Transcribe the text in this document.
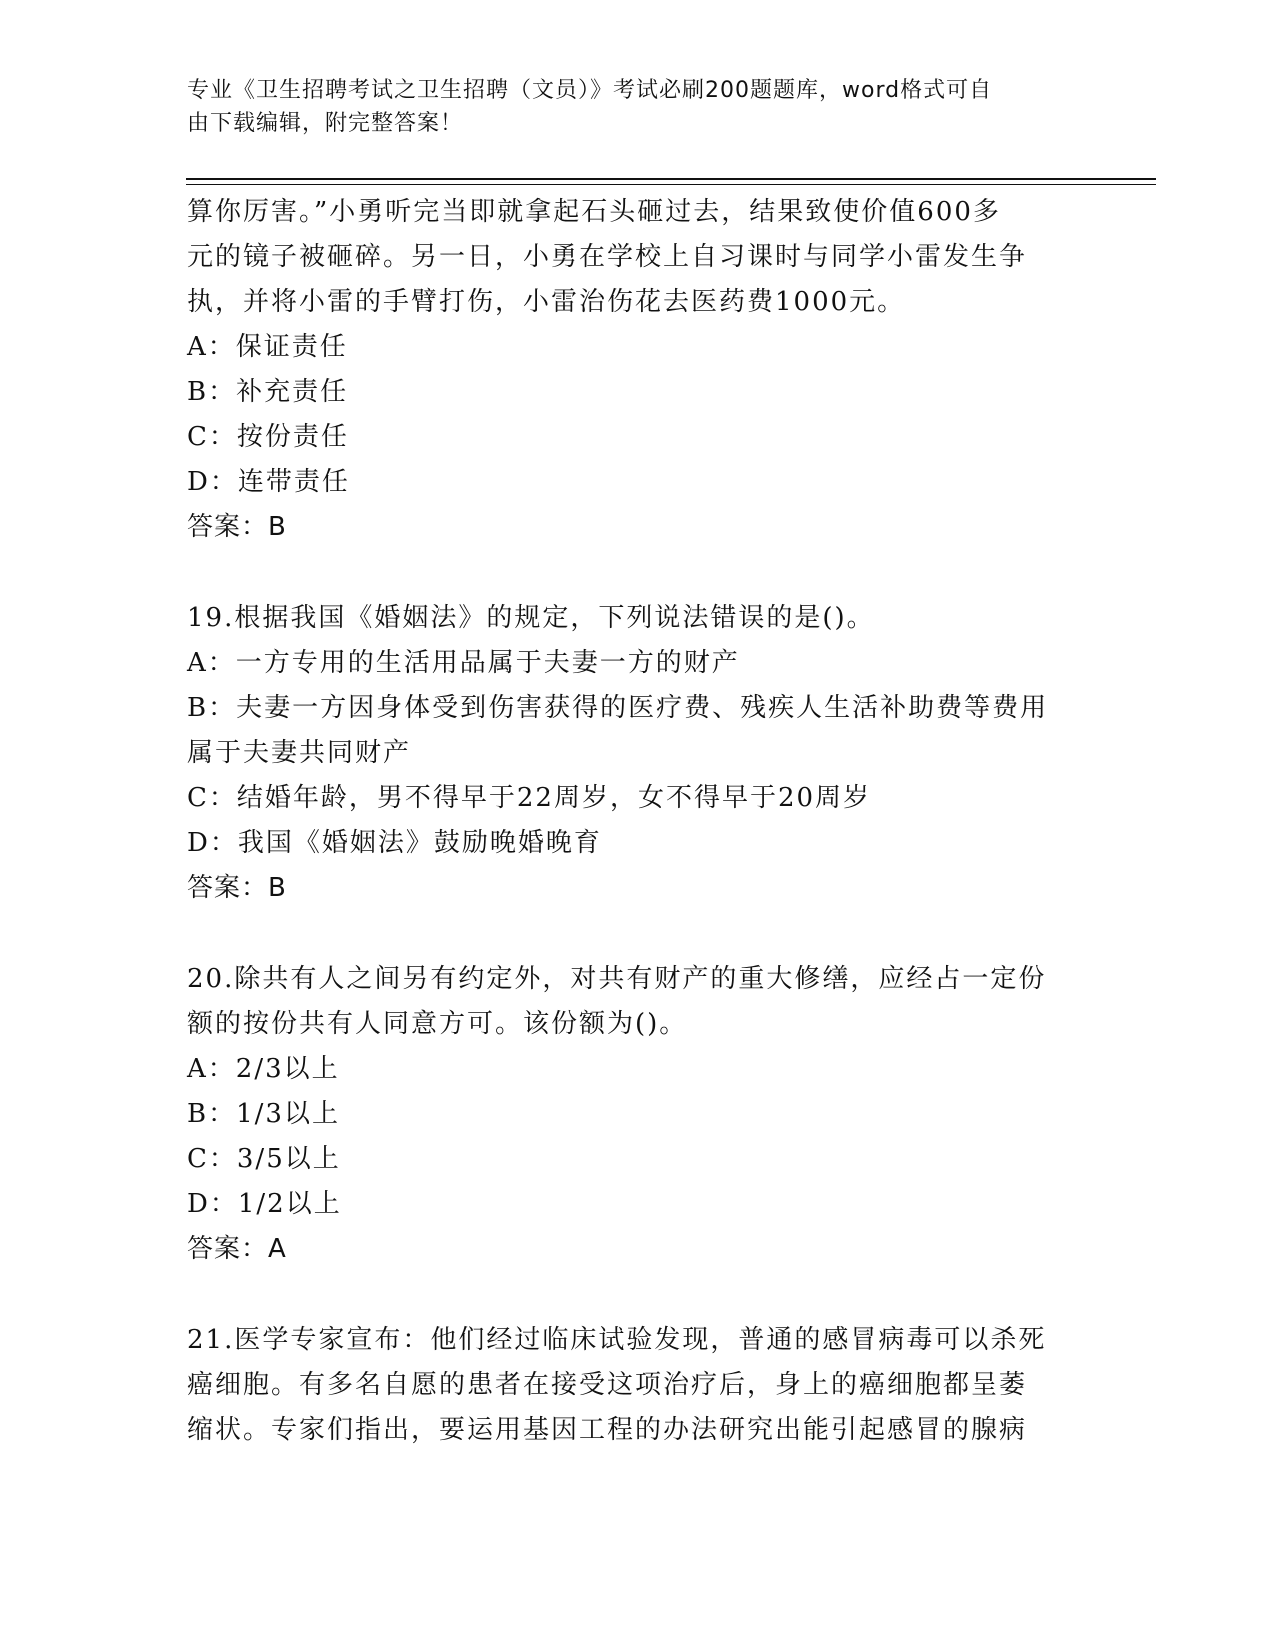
专业《卫生招聘考试之卫生招聘（文员）》考试必刷200题题库，word格式可自
由下载编辑，附完整答案！
算你厉害。”小勇听完当即就拿起石头砸过去，结果致使价值600多
元的镜子被砸碎。另一日，小勇在学校上自习课时与同学小雷发生争
执，并将小雷的手臂打伤，小雷治伤花去医药费1000元。
A：保证责任
B：补充责任
C：按份责任
D：连带责任
答案：B
19.根据我国《婚姻法》的规定，下列说法错误的是()。
A：一方专用的生活用品属于夫妻一方的财产
B：夫妻一方因身体受到伤害获得的医疗费、残疾人生活补助费等费用
属于夫妻共同财产
C：结婚年龄，男不得早于22周岁，女不得早于20周岁
D：我国《婚姻法》鼓励晚婚晚育
答案：B
20.除共有人之间另有约定外，对共有财产的重大修缮，应经占一定份
额的按份共有人同意方可。该份额为()。
A：2/3以上
B：1/3以上
C：3/5以上
D：1/2以上
答案：A
21.医学专家宣布：他们经过临床试验发现，普通的感冒病毒可以杀死
癌细胞。有多名自愿的患者在接受这项治疗后，身上的癌细胞都呈萎
缩状。专家们指出，要运用基因工程的办法研究出能引起感冒的腺病
